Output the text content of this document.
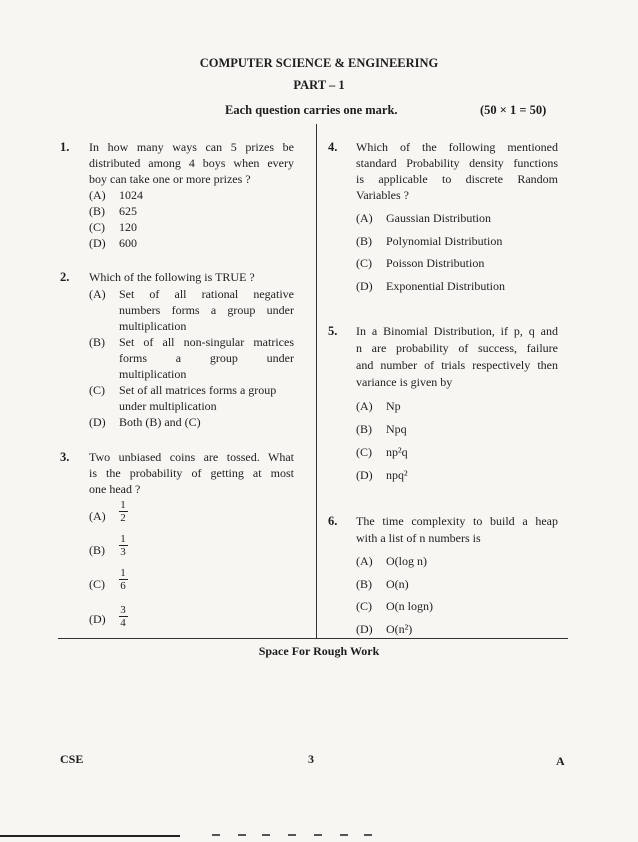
COMPUTER SCIENCE & ENGINEERING
PART – 1
Each question carries one mark.	(50 × 1 = 50)
1. In how many ways can 5 prizes be
distributed among 4 boys when every
boy can take one or more prizes ?
(A) 1024
(B) 625
(C) 120
(D) 600
2. Which of the following is TRUE ?
(A) Set of all rational negative
numbers forms a group under
multiplication
(B) Set of all non-singular matrices
forms a group under
multiplication
(C) Set of all matrices forms a group
under multiplication
(D) Both (B) and (C)
3. Two unbiased coins are tossed. What
is the probability of getting at most
one head ?
(A)
1
2
(B)
1
3
(C)
1
6
(D)
3
4
4. Which of the following mentioned
standard Probability density functions
is applicable to discrete Random
Variables ?
(A) Gaussian Distribution
(B) Polynomial Distribution
(C) Poisson Distribution
(D) Exponential Distribution
5. In a Binomial Distribution, if p, q and
n are probability of success, failure
and number of trials respectively then
variance is given by
(A) Np
(B) Npq
(C) np²q
(D) npq²
6. The time complexity to build a heap
with a list of n numbers is
(A) O(log n)
(B) O(n)
(C) O(n logn)
(D) O(n²)
Space For Rough Work
CSE	3	A
